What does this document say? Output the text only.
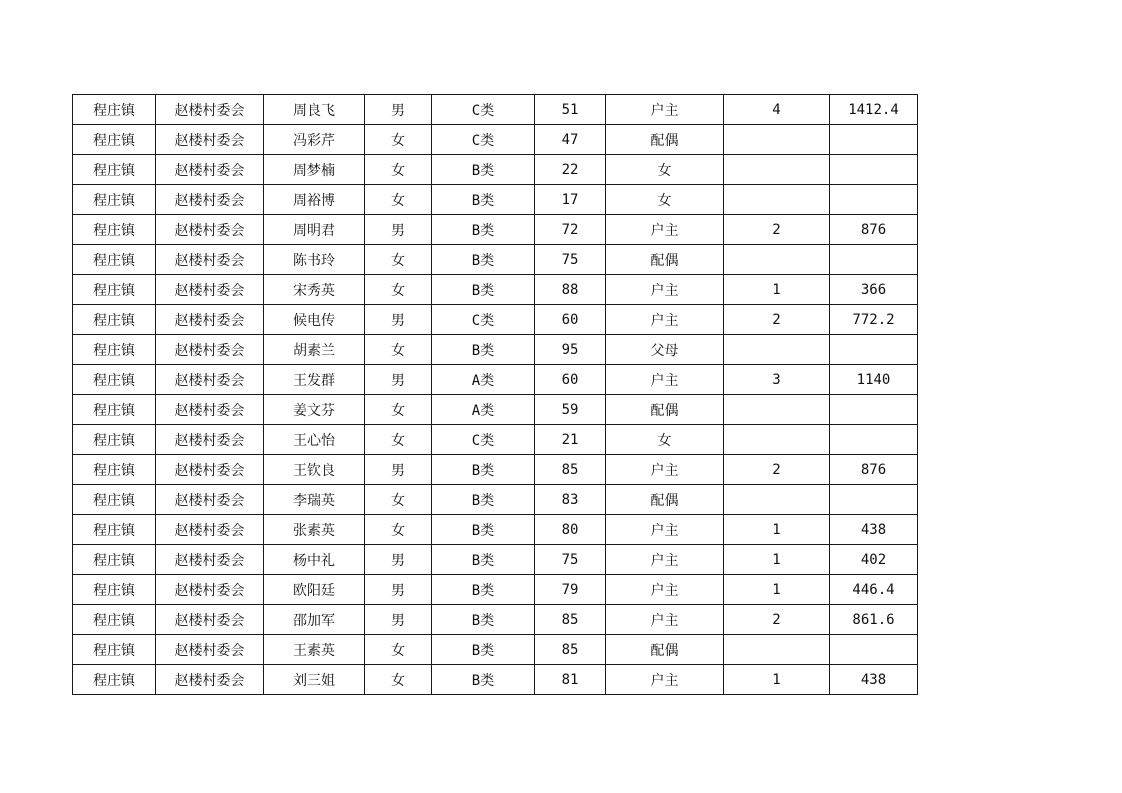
程庄镇	赵楼村委会	周良飞	男	C类	51	户主	4	1412.4
程庄镇	赵楼村委会	冯彩芹	女	C类	47	配偶		
程庄镇	赵楼村委会	周梦楠	女	B类	22	女		
程庄镇	赵楼村委会	周裕博	女	B类	17	女		
程庄镇	赵楼村委会	周明君	男	B类	72	户主	2	876
程庄镇	赵楼村委会	陈书玲	女	B类	75	配偶		
程庄镇	赵楼村委会	宋秀英	女	B类	88	户主	1	366
程庄镇	赵楼村委会	候电传	男	C类	60	户主	2	772.2
程庄镇	赵楼村委会	胡素兰	女	B类	95	父母		
程庄镇	赵楼村委会	王发群	男	A类	60	户主	3	1140
程庄镇	赵楼村委会	姜文芬	女	A类	59	配偶		
程庄镇	赵楼村委会	王心怡	女	C类	21	女		
程庄镇	赵楼村委会	王钦良	男	B类	85	户主	2	876
程庄镇	赵楼村委会	李瑞英	女	B类	83	配偶		
程庄镇	赵楼村委会	张素英	女	B类	80	户主	1	438
程庄镇	赵楼村委会	杨中礼	男	B类	75	户主	1	402
程庄镇	赵楼村委会	欧阳廷	男	B类	79	户主	1	446.4
程庄镇	赵楼村委会	邵加军	男	B类	85	户主	2	861.6
程庄镇	赵楼村委会	王素英	女	B类	85	配偶		
程庄镇	赵楼村委会	刘三姐	女	B类	81	户主	1	438
